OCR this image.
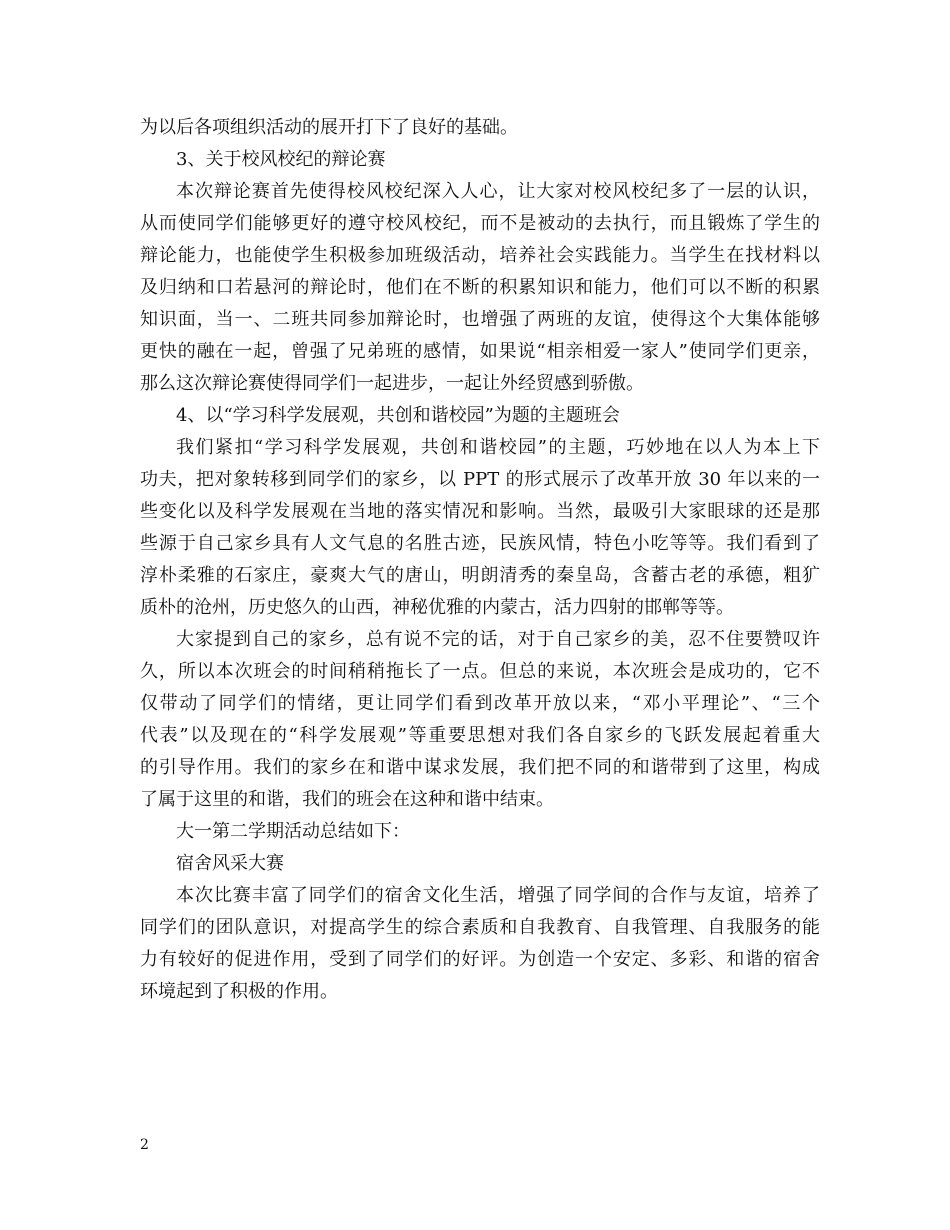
为以后各项组织活动的展开打下了良好的基础。
3、关于校风校纪的辩论赛
本次辩论赛首先使得校风校纪深入人心，让大家对校风校纪多了一层的认识，
从而使同学们能够更好的遵守校风校纪，而不是被动的去执行，而且锻炼了学生的
辩论能力，也能使学生积极参加班级活动，培养社会实践能力。当学生在找材料以
及归纳和口若悬河的辩论时，他们在不断的积累知识和能力，他们可以不断的积累
知识面，当一、二班共同参加辩论时，也增强了两班的友谊，使得这个大集体能够
更快的融在一起，曾强了兄弟班的感情，如果说“相亲相爱一家人”使同学们更亲，
那么这次辩论赛使得同学们一起进步，一起让外经贸感到骄傲。
4、以“学习科学发展观，共创和谐校园”为题的主题班会
我们紧扣“学习科学发展观，共创和谐校园”的主题，巧妙地在以人为本上下
功夫，把对象转移到同学们的家乡，以 PPT 的形式展示了改革开放 30 年以来的一
些变化以及科学发展观在当地的落实情况和影响。当然，最吸引大家眼球的还是那
些源于自己家乡具有人文气息的名胜古迹，民族风情，特色小吃等等。我们看到了
淳朴柔雅的石家庄，豪爽大气的唐山，明朗清秀的秦皇岛，含蓄古老的承德，粗犷
质朴的沧州，历史悠久的山西，神秘优雅的内蒙古，活力四射的邯郸等等。
大家提到自己的家乡，总有说不完的话，对于自己家乡的美，忍不住要赞叹许
久，所以本次班会的时间稍稍拖长了一点。但总的来说，本次班会是成功的，它不
仅带动了同学们的情绪，更让同学们看到改革开放以来，“邓小平理论”、“三个
代表”以及现在的“科学发展观”等重要思想对我们各自家乡的飞跃发展起着重大
的引导作用。我们的家乡在和谐中谋求发展，我们把不同的和谐带到了这里，构成
了属于这里的和谐，我们的班会在这种和谐中结束。
大一第二学期活动总结如下：
宿舍风采大赛
本次比赛丰富了同学们的宿舍文化生活，增强了同学间的合作与友谊，培养了
同学们的团队意识，对提高学生的综合素质和自我教育、自我管理、自我服务的能
力有较好的促进作用，受到了同学们的好评。为创造一个安定、多彩、和谐的宿舍
环境起到了积极的作用。
2
